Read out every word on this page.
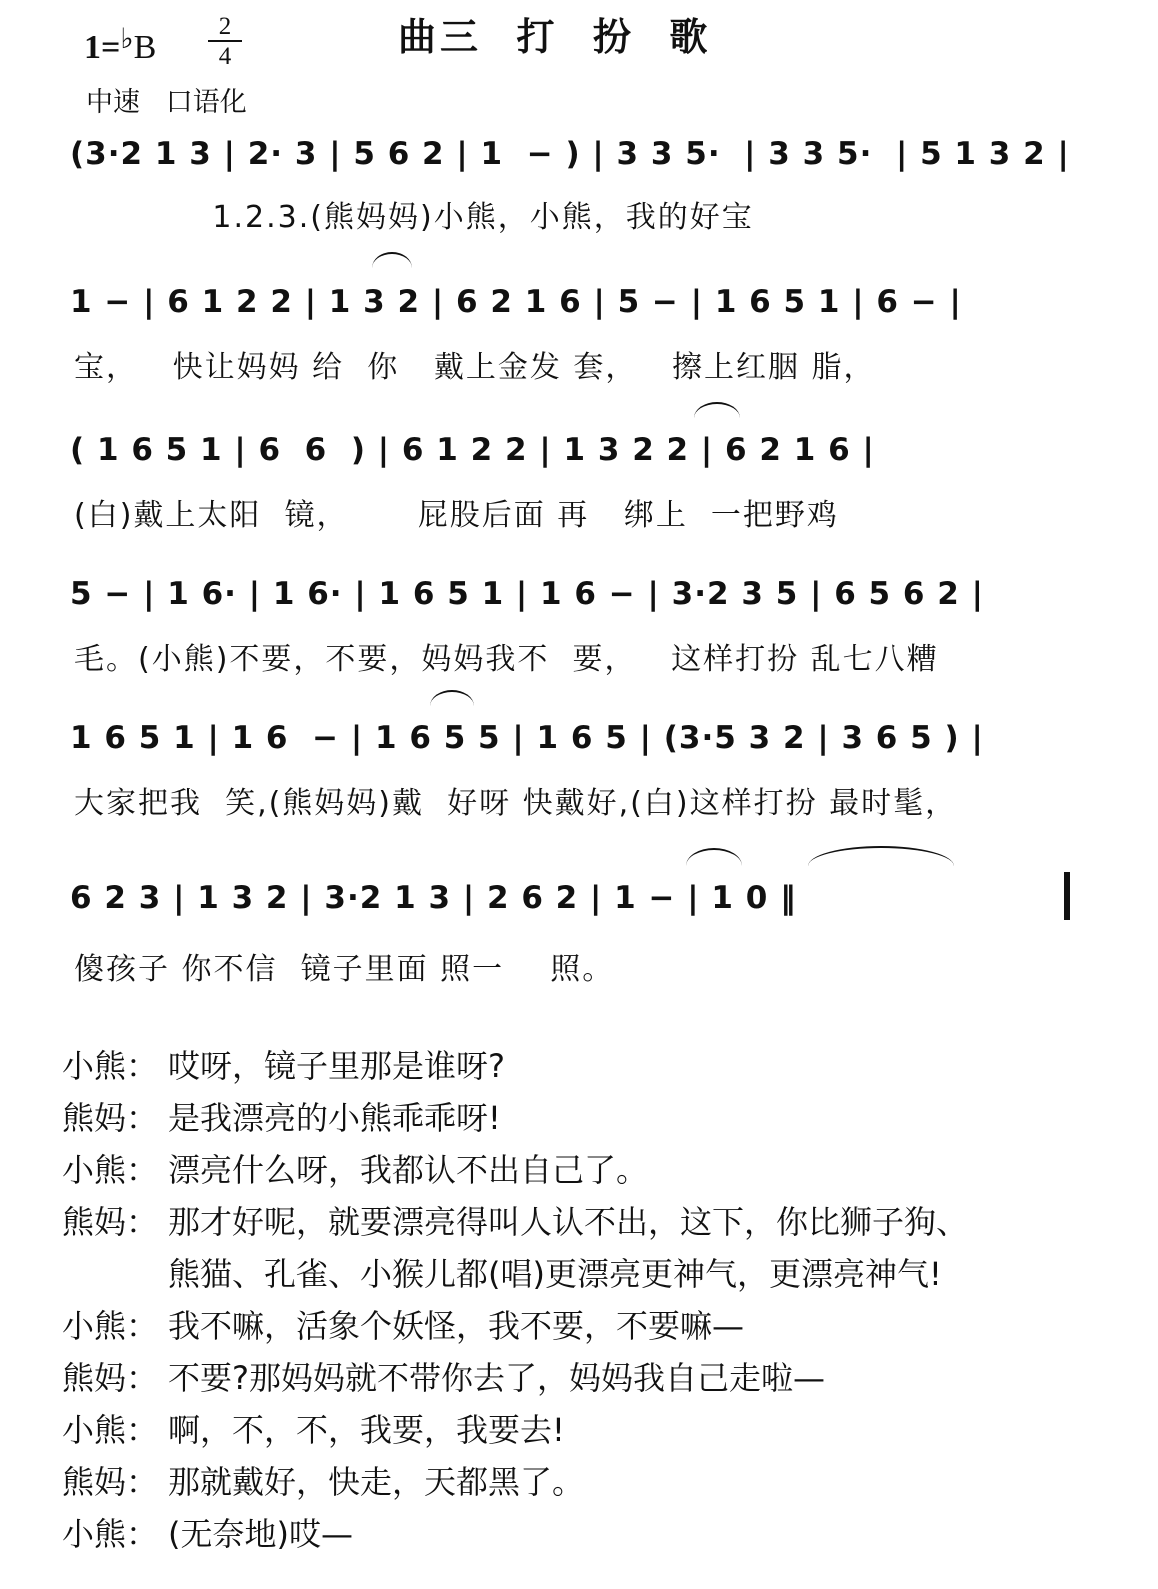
$1=^♭B \frac{2}{4}$	曲三  打  扮  歌
中速   口语化
(3·2 1 3 | 2· 3 | 5 6 2 | 1  − ) | 3 3 5·  | 3 3 5·  | 5 1 3 2 |
1.2.3.(熊妈妈)小熊，小熊，我的好宝
1 − | 6 1 2 2 | 1 3 2 | 6 2 1 6 | 5 − | 1 6 5 1 | 6 − |
宝，   快让妈妈 给  你   戴上金发 套，   擦上红胭 脂，
( 1 6 5 1 | 6  6  ) | 6 1 2 2 | 1 3 2 2 | 6 2 1 6 |
(白)戴上太阳  镜，      屁股后面 再   绑上  一把野鸡
5 − | 1 6· | 1 6· | 1 6 5 1 | 1 6 − | 3·2 3 5 | 6 5 6 2 |
毛。(小熊)不要，不要，妈妈我不  要，   这样打扮 乱七八糟
1 6 5 1 | 1 6  − | 1 6 5 5 | 1 6 5 | (3·5 3 2 | 3 6 5 ) |
大家把我  笑,(熊妈妈)戴  好呀 快戴好,(白)这样打扮 最时髦，
6 2 3 | 1 3 2 | 3·2 1 3 | 2 6 2 | 1 − | 1 0 ‖
傻孩子 你不信  镜子里面 照一    照。
小熊： 哎呀，镜子里那是谁呀?
熊妈： 是我漂亮的小熊乖乖呀!
小熊： 漂亮什么呀，我都认不出自己了。
熊妈： 那才好呢，就要漂亮得叫人认不出，这下，你比狮子狗、
熊猫、孔雀、小猴儿都(唱)更漂亮更神气，更漂亮神气!
小熊： 我不嘛，活象个妖怪，我不要，不要嘛—
熊妈： 不要?那妈妈就不带你去了，妈妈我自己走啦—
小熊： 啊，不，不，我要，我要去!
熊妈： 那就戴好，快走，天都黑了。
小熊： (无奈地)哎—
